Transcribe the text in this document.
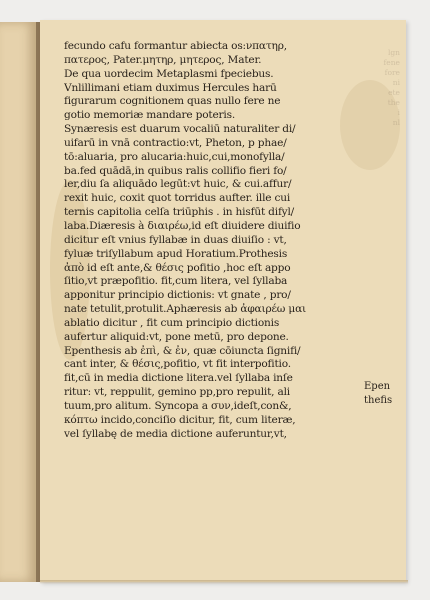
lgn
fene
fore
ni
ete
the
i
nl
fecundo cafu formantur abiecta os:νπατηρ,
πατερος, Pater.μητηρ, μητερος, Mater.
De qua uordecim Metaplasmi fpeciebus.
Vnlillimani etiam duximus Hercules harū
figurarum cognitionem quas nullo fere ne
gotio memoriæ mandare poteris.
Synæresis est duarum vocaliū naturaliter di/
uifarū in vnā contractio:vt, Pheton, p phae/
tō:aluaria, pro alucaria:huic,cui,monofylla/
ba.fed quādā,in quibus ralis collifio fieri fo/
ler,diu ſa aliquādo legūt:vt huic, & cui.affur/
rexit huic, coxit quot torridus aufter. ille cui
ternis capitolia celſa triūphis . in hisfūt difyl/
laba.Diæresis à διαιρέω,id eſt diuidere diuifio
dicitur eſt vnius fyllabæ in duas diuiſio : vt,
fyluæ triſyllabum apud Horatium.Prothesis
ἀπὸ id eſt ante,& θέσις pofitio ,hoc eſt appo
ſitio,vt præpofitio. fit,cum litera, vel ſyllaba
apponitur principio dictionis: vt gnate , pro/
nate tetulit,protulit.Aphæresis ab ἀφαιρέω μαι
ablatio dicitur , fit cum principio dictionis
aufertur aliquid:vt, pone metū, pro depone.
Epenthesis ab ἐπὶ, & ἐν, quæ cōiuncta ſignifi/
cant inter, & θέσις,pofitio, vt fit interpofitio.
fit,cū in media dictione litera.vel ſyllaba inſe
ritur: vt, reppulit, gemino pp,pro repulit, ali
tuum,pro alitum. Syncopa a συν,ideſt,con&,
κόπτω incido,conciſio dicitur, fit, cum literæ,
vel ſyllabę de media dictione auferuntur,vt,
Epen
thefis
